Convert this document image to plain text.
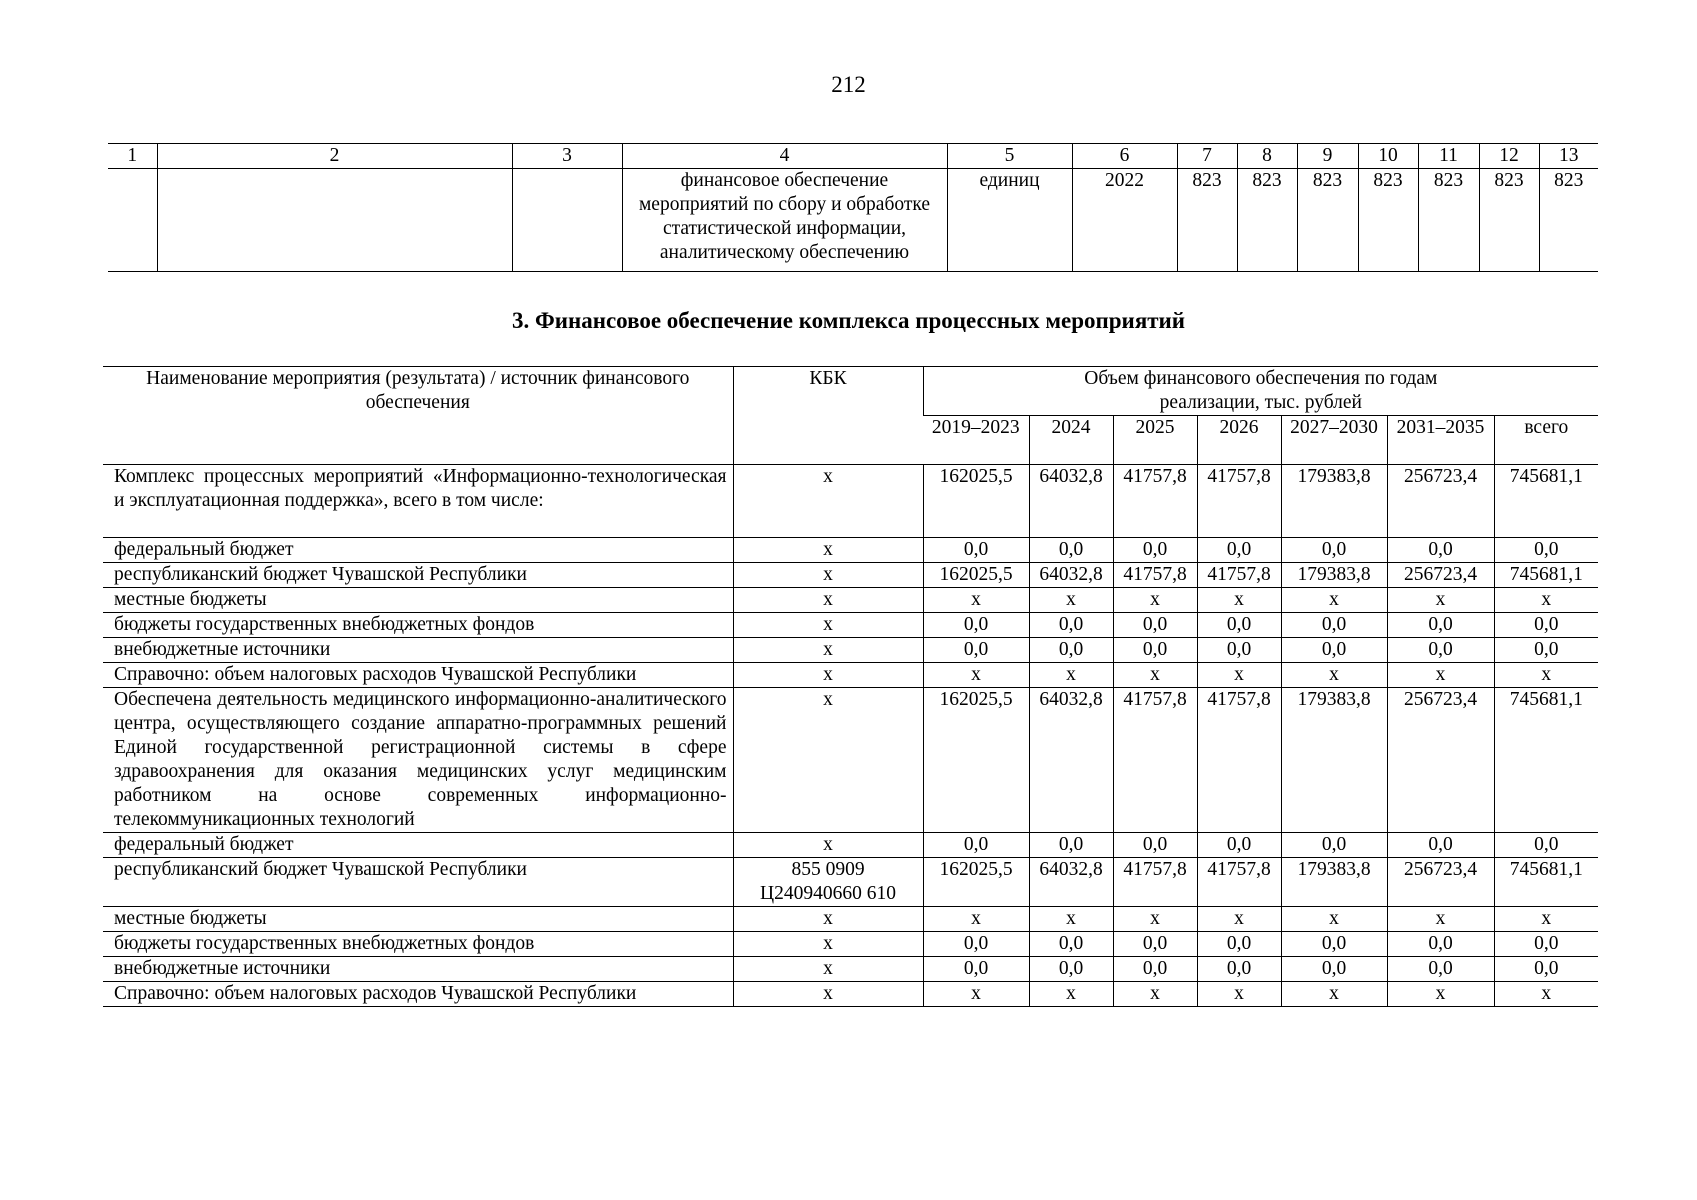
212
1	2	3	4	5	6	7	8	9	10	11	12	13
			финансовое обеспечение мероприятий по сбору и обработке статистической информации, аналитическому обеспечению	единиц	2022	823	823	823	823	823	823	823
3. Финансовое обеспечение комплекса процессных мероприятий
Наименование мероприятия (результата) / источник финансового обеспечения	КБК	Объем финансового обеспечения по годам реализации, тыс. рублей						
		2019–2023	2024	2025	2026	2027–2030	2031–2035	всего
Комплекс процессных мероприятий «Информационно-технологическая и эксплуатационная поддержка», всего в том числе:	x	162025,5	64032,8	41757,8	41757,8	179383,8	256723,4	745681,1
федеральный бюджет	x	0,0	0,0	0,0	0,0	0,0	0,0	0,0
республиканский бюджет Чувашской Республики	x	162025,5	64032,8	41757,8	41757,8	179383,8	256723,4	745681,1
местные бюджеты	x	x	x	x	x	x	x	x
бюджеты государственных внебюджетных фондов	x	0,0	0,0	0,0	0,0	0,0	0,0	0,0
внебюджетные источники	x	0,0	0,0	0,0	0,0	0,0	0,0	0,0
Справочно: объем налоговых расходов Чувашской Республики	x	x	x	x	x	x	x	x
Обеспечена деятельность медицинского информационно-аналитического центра, осуществляющего создание аппаратно-программных решений Единой государственной регистрационной системы в сфере здравоохранения для оказания медицинских услуг медицинским работником на основе современных информационно-телекоммуникационных технологий	x	162025,5	64032,8	41757,8	41757,8	179383,8	256723,4	745681,1
федеральный бюджет	x	0,0	0,0	0,0	0,0	0,0	0,0	0,0
республиканский бюджет Чувашской Республики	855 0909 Ц240940660 610	162025,5	64032,8	41757,8	41757,8	179383,8	256723,4	745681,1
местные бюджеты	x	x	x	x	x	x	x	x
бюджеты государственных внебюджетных фондов	x	0,0	0,0	0,0	0,0	0,0	0,0	0,0
внебюджетные источники	x	0,0	0,0	0,0	0,0	0,0	0,0	0,0
Справочно: объем налоговых расходов Чувашской Республики	x	x	x	x	x	x	x	x
